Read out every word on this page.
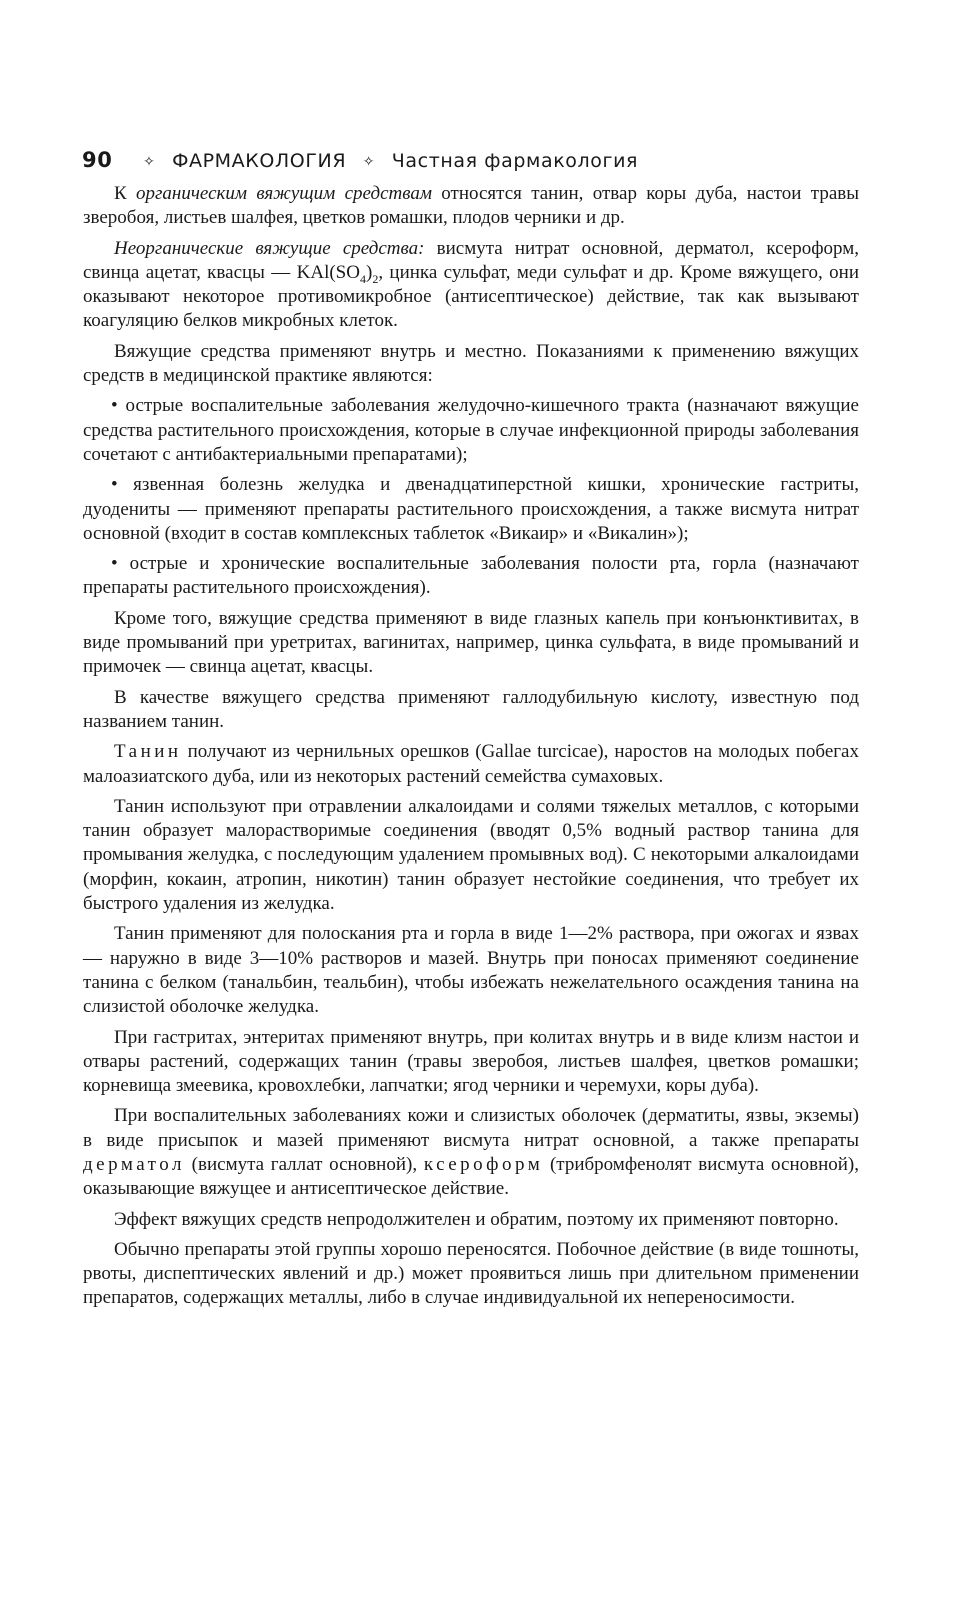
90 ✧ ФАРМАКОЛОГИЯ ✧ Частная фармакология

К органическим вяжущим средствам относятся танин, отвар коры дуба, настои травы зверобоя, листьев шалфея, цветков ромашки, плодов черники и др.

Неорганические вяжущие средства: висмута нитрат основной, дерматол, ксероформ, свинца ацетат, квасцы — $KAl(SO_4)_2$, цинка сульфат, меди сульфат и др. Кроме вяжущего, они оказывают некоторое противомикробное (антисептическое) действие, так как вызывают коагуляцию белков микробных клеток.

Вяжущие средства применяют внутрь и местно. Показаниями к применению вяжущих средств в медицинской практике являются:

• острые воспалительные заболевания желудочно-кишечного тракта (назначают вяжущие средства растительного происхождения, которые в случае инфекционной природы заболевания сочетают с антибактериальными препаратами);

• язвенная болезнь желудка и двенадцатиперстной кишки, хронические гастриты, дуодениты — применяют препараты растительного происхождения, а также висмута нитрат основной (входит в состав комплексных таблеток «Викаир» и «Викалин»);

• острые и хронические воспалительные заболевания полости рта, горла (назначают препараты растительного происхождения).

Кроме того, вяжущие средства применяют в виде глазных капель при конъюнктивитах, в виде промываний при уретритах, вагинитах, например, цинка сульфата, в виде промываний и примочек — свинца ацетат, квасцы.

В качестве вяжущего средства применяют галлодубильную кислоту, известную под названием танин.

Танин получают из чернильных орешков (Gallae turcicae), наростов на молодых побегах малоазиатского дуба, или из некоторых растений семейства сумаховых.

Танин используют при отравлении алкалоидами и солями тяжелых металлов, с которыми танин образует малорастворимые соединения (вводят 0,5% водный раствор танина для промывания желудка, с последующим удалением промывных вод). С некоторыми алкалоидами (морфин, кокаин, атропин, никотин) танин образует нестойкие соединения, что требует их быстрого удаления из желудка.

Танин применяют для полоскания рта и горла в виде 1—2% раствора, при ожогах и язвах — наружно в виде 3—10% растворов и мазей. Внутрь при поносах применяют соединение танина с белком (танальбин, теальбин), чтобы избежать нежелательного осаждения танина на слизистой оболочке желудка.

При гастритах, энтеритах применяют внутрь, при колитах внутрь и в виде клизм настои и отвары растений, содержащих танин (травы зверобоя, листьев шалфея, цветков ромашки; корневища змеевика, кровохлебки, лапчатки; ягод черники и черемухи, коры дуба).

При воспалительных заболеваниях кожи и слизистых оболочек (дерматиты, язвы, экземы) в виде присыпок и мазей применяют висмута нитрат основной, а также препараты дерматол (висмута галлат основной), ксероформ (трибромфенолят висмута основной), оказывающие вяжущее и антисептическое действие.

Эффект вяжущих средств непродолжителен и обратим, поэтому их применяют повторно.

Обычно препараты этой группы хорошо переносятся. Побочное действие (в виде тошноты, рвоты, диспептических явлений и др.) может проявиться лишь при длительном применении препаратов, содержащих металлы, либо в случае индивидуальной их непереносимости.
